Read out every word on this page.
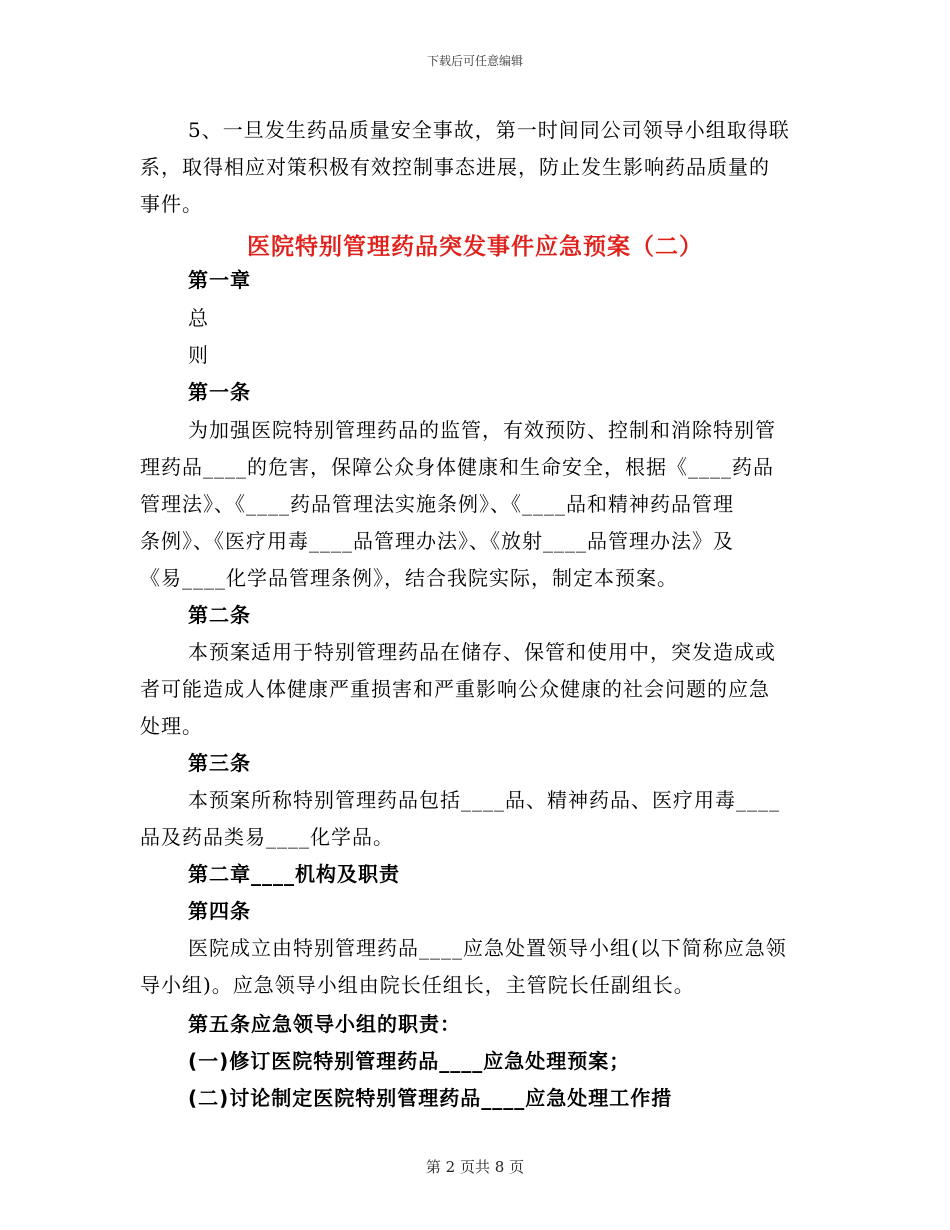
下载后可任意编辑
5、一旦发生药品质量安全事故，第一时间同公司领导小组取得联
系，取得相应对策积极有效控制事态进展，防止发生影响药品质量的
事件。
医院特别管理药品突发事件应急预案（二）
第一章
总
则
第一条
为加强医院特别管理药品的监管，有效预防、控制和消除特别管
理药品____的危害，保障公众身体健康和生命安全，根据《____药品
管理法》、《____药品管理法实施条例》、《____品和精神药品管理
条例》、《医疗用毒____品管理办法》、《放射____品管理办法》及
《易____化学品管理条例》，结合我院实际，制定本预案。
第二条
本预案适用于特别管理药品在储存、保管和使用中，突发造成或
者可能造成人体健康严重损害和严重影响公众健康的社会问题的应急
处理。
第三条
本预案所称特别管理药品包括____品、精神药品、医疗用毒____
品及药品类易____化学品。
第二章____机构及职责
第四条
医院成立由特别管理药品____应急处置领导小组(以下简称应急领
导小组)。应急领导小组由院长任组长，主管院长任副组长。
第五条应急领导小组的职责：
(一)修订医院特别管理药品____应急处理预案；
(二)讨论制定医院特别管理药品____应急处理工作措
第 2 页共 8 页
